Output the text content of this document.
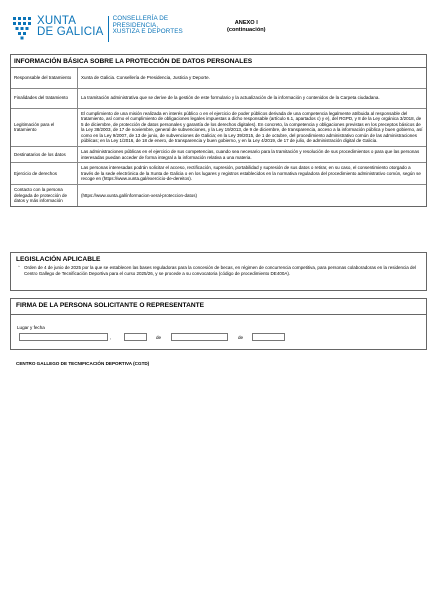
XUNTA
DE GALICIA
CONSELLERÍA DE
PRESIDENCIA,
XUSTIZA E DEPORTES
ANEXO I
(continuación)
INFORMACIÓN BÁSICA SOBRE LA PROTECCIÓN DE DATOS PERSONALES
Responsable del tratamiento	Xunta de Galicia. Consellería de Presidencia, Justicia y Deporte.
Finalidades del tratamiento	La tramitación administrativa que se derive de la gestión de este formulario y la actualización de la información y contenidos de la Carpeta ciudadana.
Legitimación para el tratamiento	El cumplimiento de una misión realizada en interés público o en el ejercicio de poder públicos derivada de una competencia legalmente atribuida al responsable del tratamiento, así como el cumplimiento de obligaciones legales impuestas a dicho responsable (artículo 6.1, apartados c) y e), del RGPD, y 8 de la Ley orgánica 3/2018, de 5 de diciembre, de protección de datos personales y garantía de los derechos digitales). En concreto, la competencia y obligaciones previstas en los preceptos básicos de la Ley 38/2003, de 17 de noviembre, general de subvenciones, y la Ley 19/2013, de 9 de diciembre, de transparencia, acceso a la información pública y buen gobierno, así como en la Ley 9/2007, de 13 de junio, de subvenciones de Galicia; en la Ley 39/2015, de 1 de octubre, del procedimiento administrativo común de las administraciones públicas; en la Ley 1/2016, de 18 de enero, de transparencia y buen gobierno, y en la Ley 4/2019, de 17 de julio, de administración digital de Galicia.
Destinatarios de los datos	Las administraciones públicas en el ejercicio de sus competencias, cuando sea necesario para la tramitación y resolución de sus procedimientos o para que las personas interesadas puedan acceder de forma integral a la información relativa a una materia.
Ejercicio de derechos	Las personas interesadas podrán solicitar el acceso, rectificación, supresión, portabilidad y supresión de sus datos o retirar, en su caso, el consentimiento otorgado a través de la sede electrónica de la Xunta de Galicia o en los lugares y registros establecidos en la normativa reguladora del procedimiento administrativo común, según se recoge en (https://www.xunta.gal/exercicio-de-dereitos).
Contacto con la persona delegada de protección de datos y más información	(https://www.xunta.gal/informacion-xeral-proteccion-datos)
LEGISLACIÓN APLICABLE
◦ Orden de 4 de junio de 2025 por la que se establecen las bases reguladoras para la concesión de becas, en régimen de concurrencia competitiva, para personas colaboradoras en la residencia del Centro Gallego de Tecnificación Deportiva para el curso 2025/26, y se procede a su convocatoria (código de procedimiento DE400A).
FIRMA DE LA PERSONA SOLICITANTE O REPRESENTANTE
Lugar y fecha
,	de	de
CENTRO GALLEGO DE TECNIFICACIÓN DEPORTIVA (CGTD)
